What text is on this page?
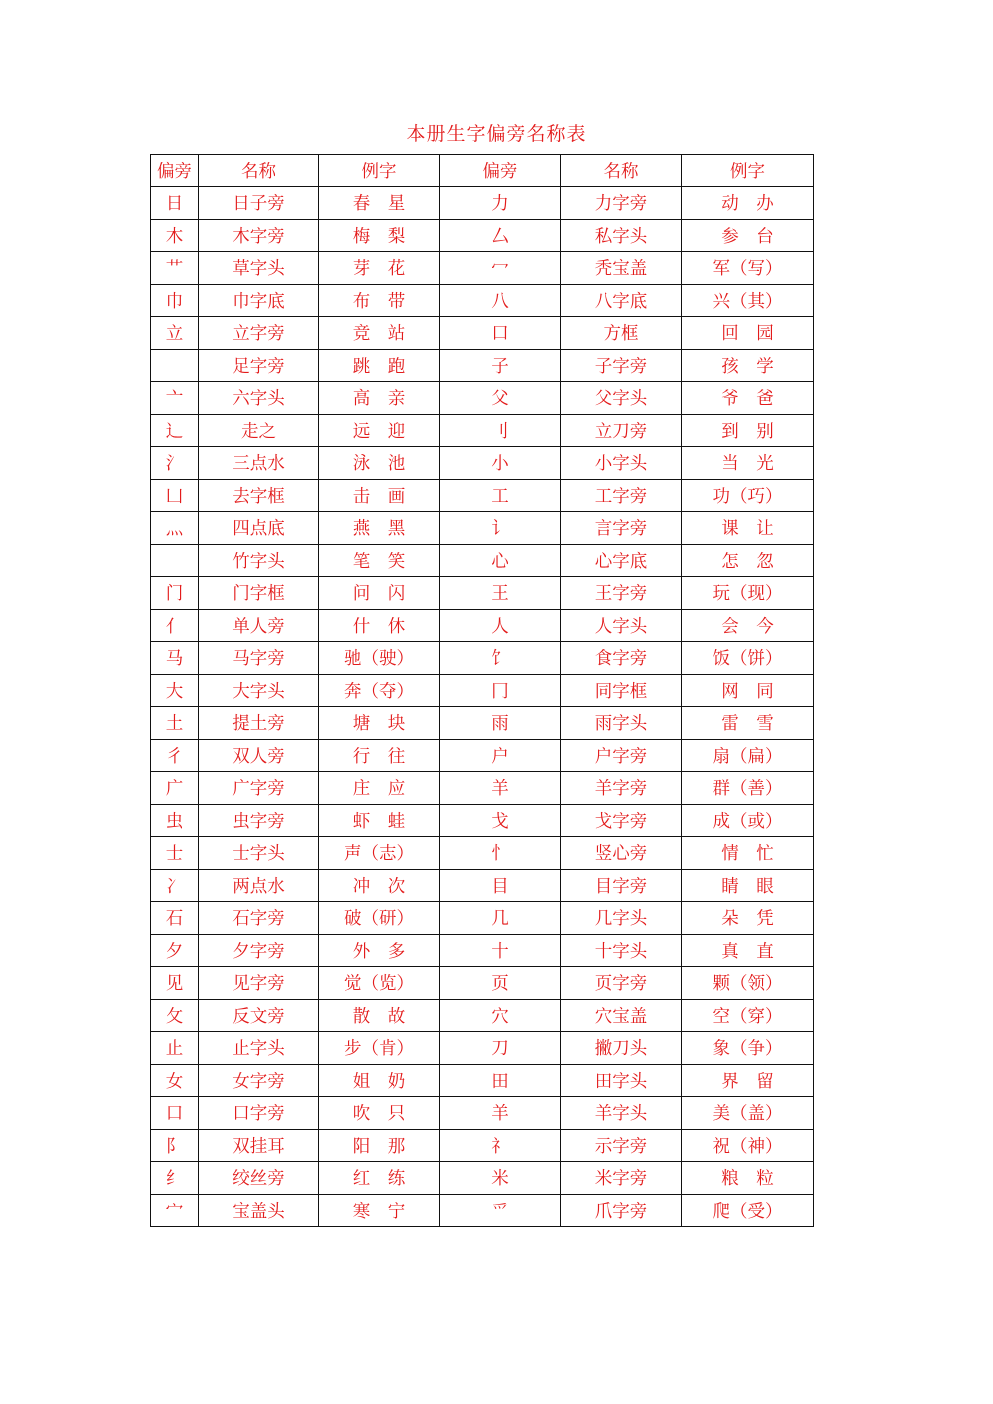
本册生字偏旁名称表
偏旁	名称	例字	偏旁	名称	例字
日	日子旁	春　星	力	力字旁	动　办
木	木字旁	梅　梨	厶	私字头	参　台
艹	草字头	芽　花	冖	秃宝盖	军（写）
巾	巾字底	布　带	八	八字底	兴（其）
立	立字旁	竞　站	口	方框	回　园
	足字旁	跳　跑	子	子字旁	孩　学
亠	六字头	高　亲	父	父字头	爷　爸
辶	走之	远　迎	刂	立刀旁	到　别
氵	三点水	泳　池	小	小字头	当　光
凵	去字框	击　画	工	工字旁	功（巧）
灬	四点底	燕　黑	讠	言字旁	课　让
	竹字头	笔　笑	心	心字底	怎　忽
门	门字框	问　闪	王	王字旁	玩（现）
亻	单人旁	什　休	人	人字头	会　今
马	马字旁	驰（驶）	饣	食字旁	饭（饼）
大	大字头	奔（夺）	冂	同字框	网　同
土	提土旁	塘　块	雨	雨字头	雷　雪
彳	双人旁	行　往	户	户字旁	扇（扁）
广	广字旁	庄　应	羊	羊字旁	群（善）
虫	虫字旁	虾　蛙	戈	戈字旁	成（或）
士	士字头	声（志）	忄	竖心旁	情　忙
冫	两点水	冲　次	目	目字旁	睛　眼
石	石字旁	破（研）	几	几字头	朵　凭
夕	夕字旁	外　多	十	十字头	真　直
见	见字旁	觉（览）	页	页字旁	颗（领）
攵	反文旁	散　故	穴	穴宝盖	空（穿）
止	止字头	步（肯）	刀	撇刀头	象（争）
女	女字旁	姐　奶	田	田字头	界　留
口	口字旁	吹　只	羊	羊字头	美（盖）
阝	双挂耳	阳　那	礻	示字旁	祝（神）
纟	绞丝旁	红　练	米	米字旁	粮　粒
宀	宝盖头	寒　宁	爫	爪字旁	爬（受）
